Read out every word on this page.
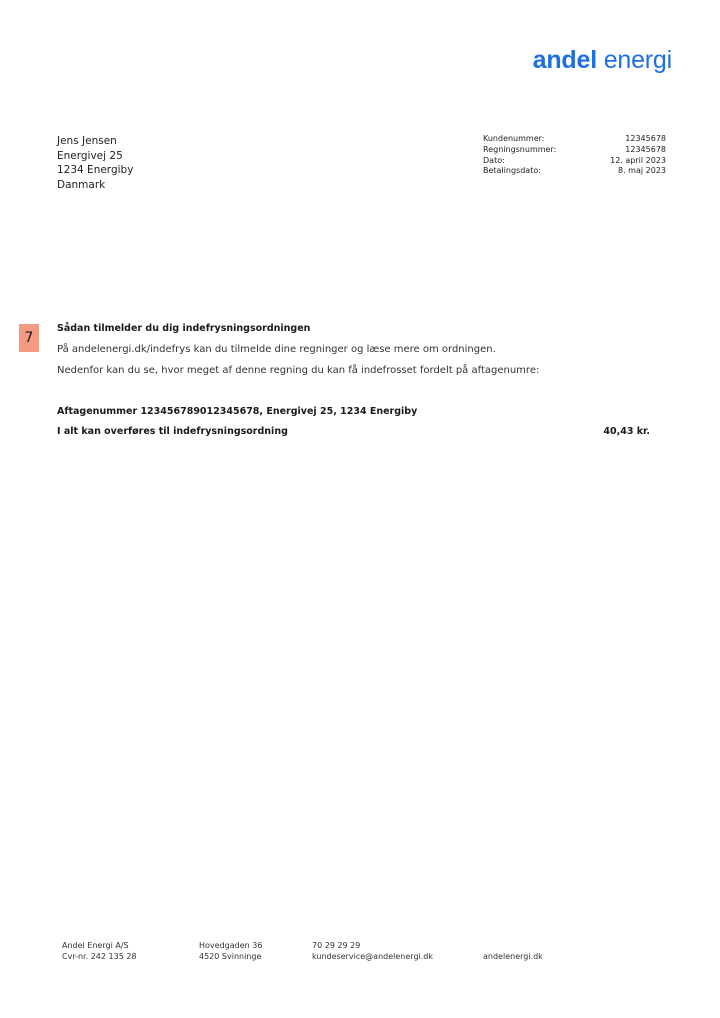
andel energi
Jens Jensen
Energivej 25
1234 Energiby
Danmark
Kundenummer:	12345678
Regningsnummer:	12345678
Dato:	12. april 2023
Betalingsdato:	8. maj 2023
7
Sådan tilmelder du dig indefrysningsordningen
På andelenergi.dk/indefrys kan du tilmelde dine regninger og læse mere om ordningen.
Nedenfor kan du se, hvor meget af denne regning du kan få indefrosset fordelt på aftagenumre:
Aftagenummer 123456789012345678, Energivej 25, 1234 Energiby
I alt kan overføres til indefrysningsordning	40,43 kr.
Andel Energi A/S
Cvr-nr. 242 135 28
Hovedgaden 36
4520 Svinninge
70 29 29 29
kundeservice@andelenergi.dk
	andelenergi.dk
